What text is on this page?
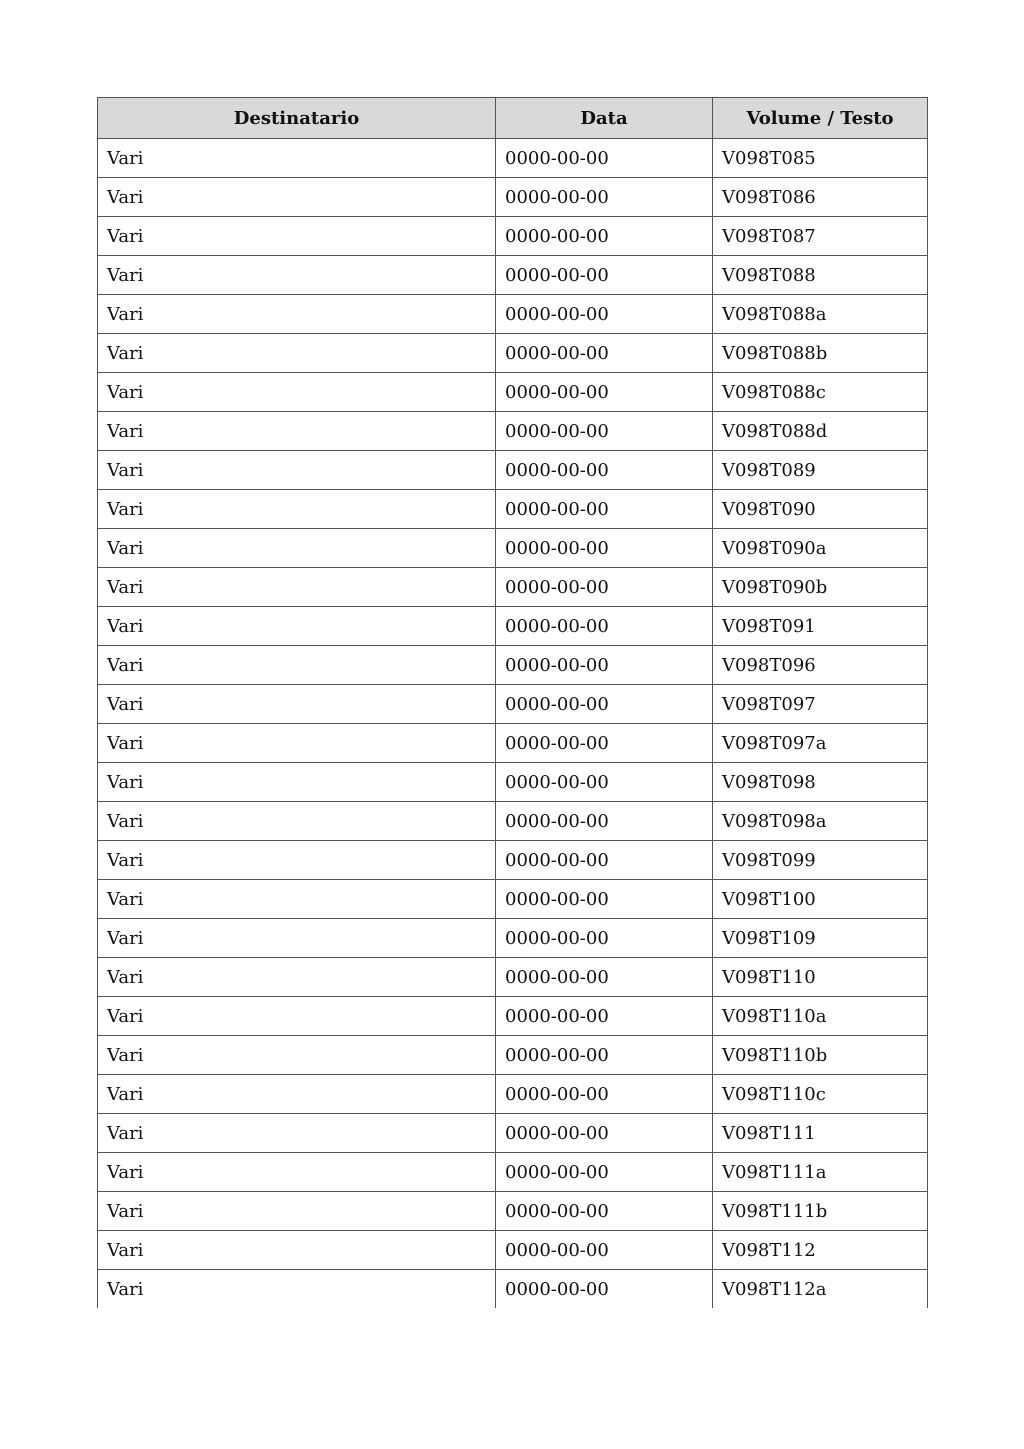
Destinatario	Data	Volume / Testo
Vari	0000-00-00	V098T085
Vari	0000-00-00	V098T086
Vari	0000-00-00	V098T087
Vari	0000-00-00	V098T088
Vari	0000-00-00	V098T088a
Vari	0000-00-00	V098T088b
Vari	0000-00-00	V098T088c
Vari	0000-00-00	V098T088d
Vari	0000-00-00	V098T089
Vari	0000-00-00	V098T090
Vari	0000-00-00	V098T090a
Vari	0000-00-00	V098T090b
Vari	0000-00-00	V098T091
Vari	0000-00-00	V098T096
Vari	0000-00-00	V098T097
Vari	0000-00-00	V098T097a
Vari	0000-00-00	V098T098
Vari	0000-00-00	V098T098a
Vari	0000-00-00	V098T099
Vari	0000-00-00	V098T100
Vari	0000-00-00	V098T109
Vari	0000-00-00	V098T110
Vari	0000-00-00	V098T110a
Vari	0000-00-00	V098T110b
Vari	0000-00-00	V098T110c
Vari	0000-00-00	V098T111
Vari	0000-00-00	V098T111a
Vari	0000-00-00	V098T111b
Vari	0000-00-00	V098T112
Vari	0000-00-00	V098T112a
